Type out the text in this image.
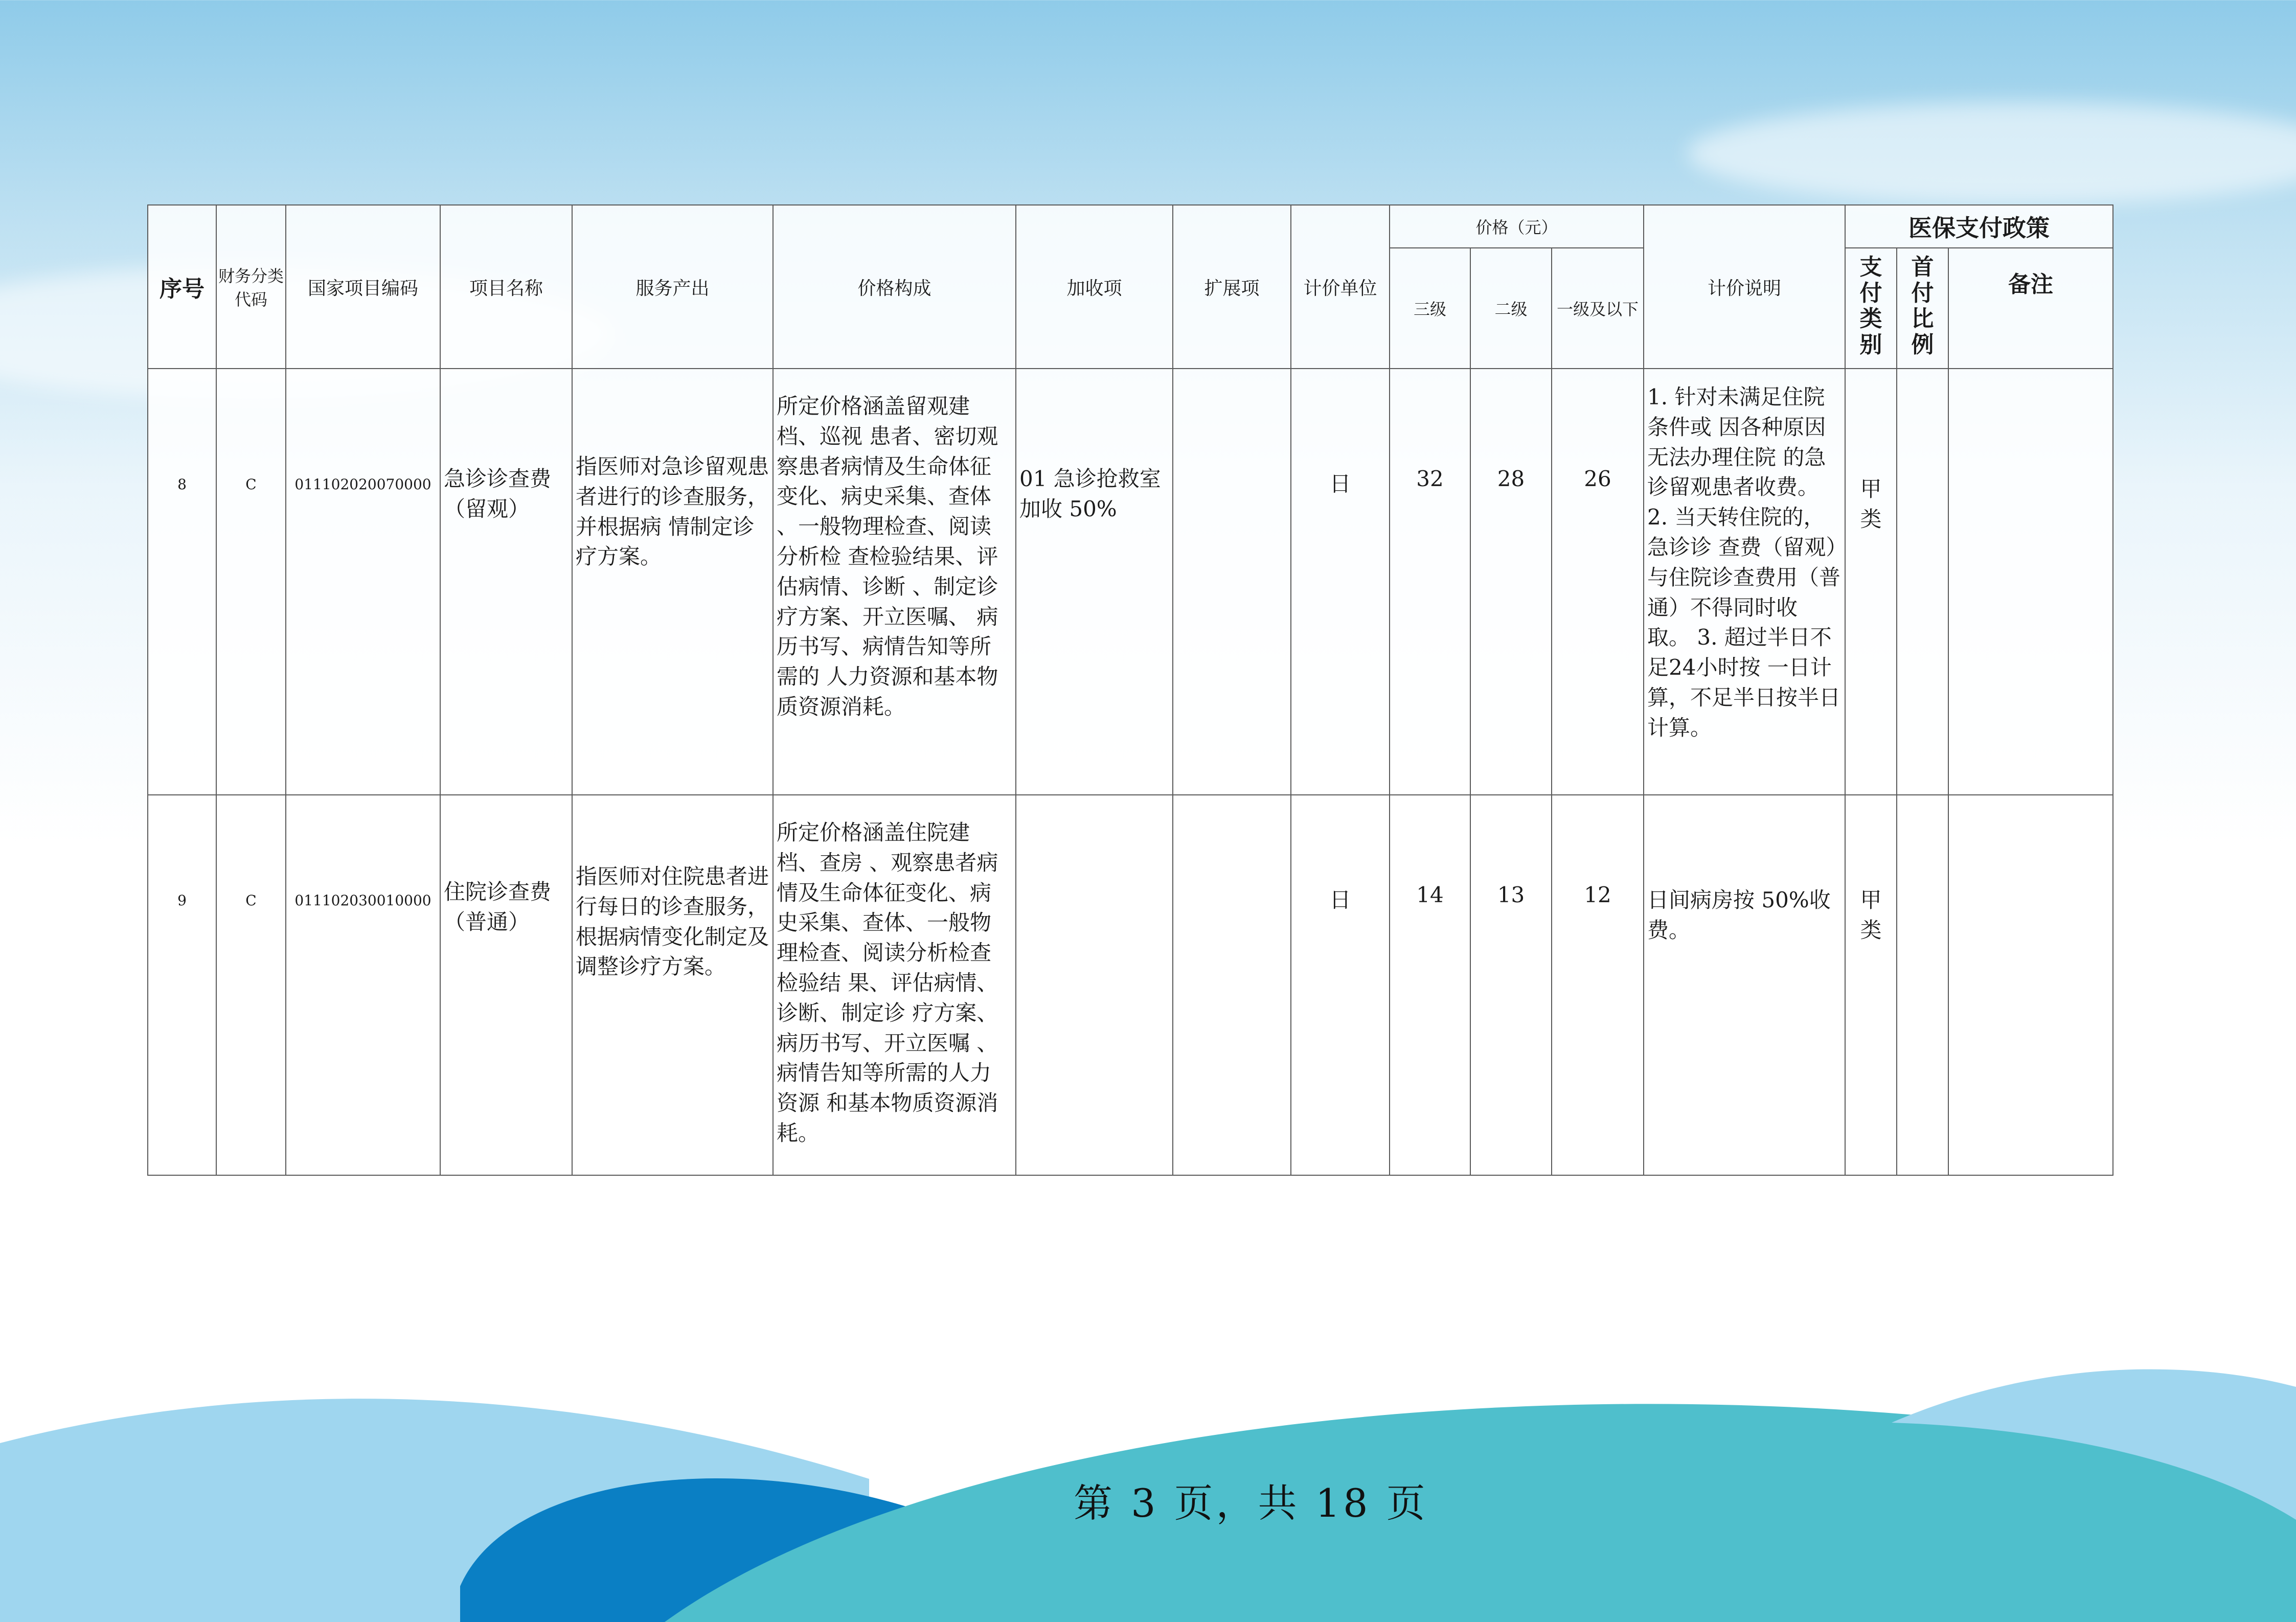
序号	财务分类代码	国家项目编码	项目名称	服务产出	价格构成	加收项	扩展项	计价单位	价格（元）			计价说明	医保支付政策		
									三级	二级	一级及以下		支付类别	首付比例	备注
8	C	011102020070000	急诊诊查费（留观）	指医师对急诊留观患者进行的诊查服务，并根据病 情制定诊疗方案。	所定价格涵盖留观建档、巡视 患者、密切观察患者病情及生命体征变化、病史采集、查体 、一般物理检查、阅读分析检 查检验结果、评估病情、诊断 、制定诊疗方案、开立医嘱、 病历书写、病情告知等所需的 人力资源和基本物质资源消耗。	01 急诊抢救室加收 50%		日	32	28	26	1. 针对未满足住院条件或 因各种原因无法办理住院 的急诊留观患者收费。 2. 当天转住院的，急诊诊 查费（留观）与住院诊查费用（普通）不得同时收 取。 3. 超过半日不足24小时按 一日计算，不足半日按半日计算。	甲类		
9	C	011102030010000	住院诊查费（普通）	指医师对住院患者进行每日的诊查服务，根据病情变化制定及调整诊疗方案。	所定价格涵盖住院建档、查房 、观察患者病情及生命体征变化、病史采集、查体、一般物 理检查、阅读分析检查检验结 果、评估病情、诊断、制定诊 疗方案、病历书写、开立医嘱 、病情告知等所需的人力资源 和基本物质资源消耗。			日	14	13	12	日间病房按 50%收费。	甲类		
第 3 页，共 18 页
